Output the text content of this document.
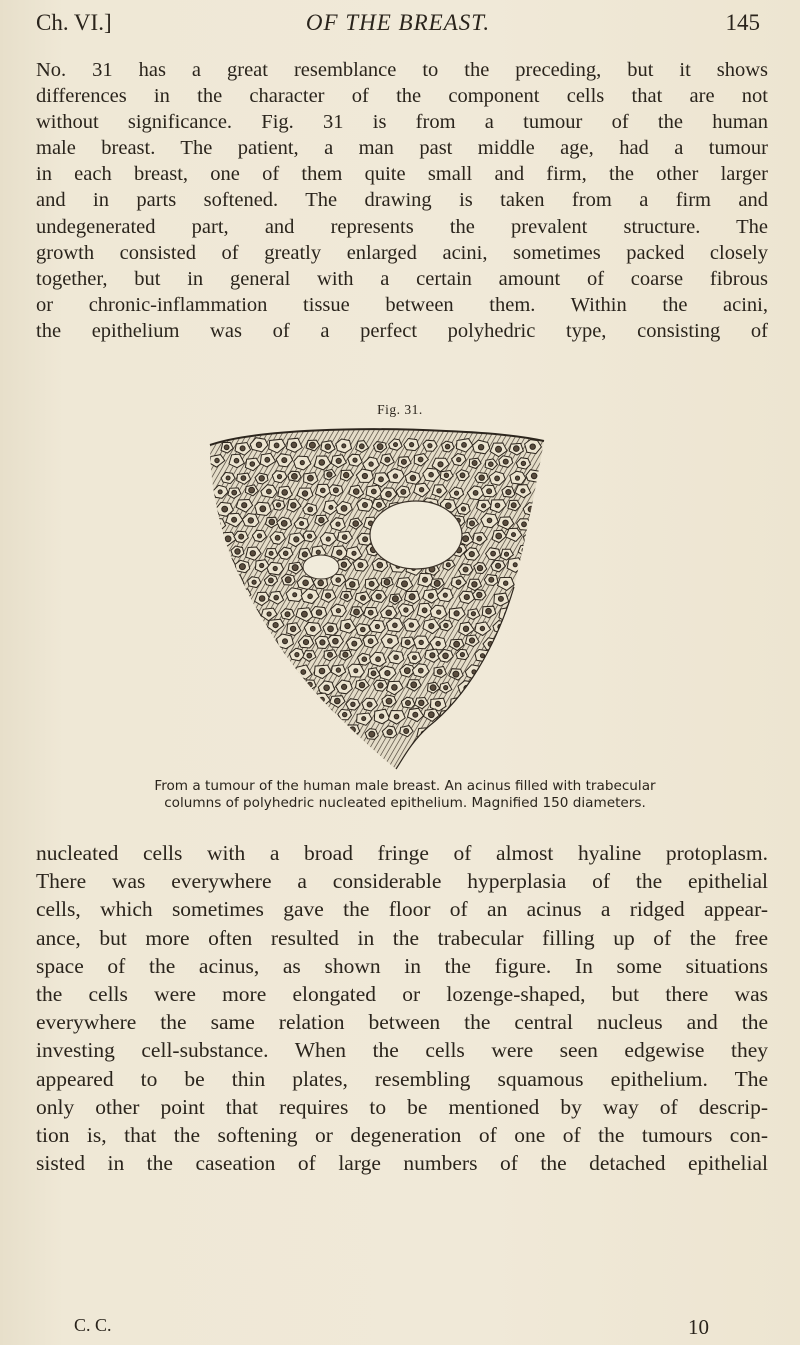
Ch. VI.]	OF THE BREAST.	145

No. 31 has a great resemblance to the preceding, but it shows
differences in the character of the component cells that are not
without significance. Fig. 31 is from a tumour of the human
male breast. The patient, a man past middle age, had a tumour
in each breast, one of them quite small and firm, the other larger
and in parts softened. The drawing is taken from a firm and
undegenerated part, and represents the prevalent structure. The
growth consisted of greatly enlarged acini, sometimes packed closely
together, but in general with a certain amount of coarse fibrous
or chronic-inflammation tissue between them. Within the acini,
the epithelium was of a perfect polyhedric type, consisting of

Fig. 31.
From a tumour of the human male breast. An acinus filled with trabecular
columns of polyhedric nucleated epithelium. Magnified 150 diameters.

nucleated cells with a broad fringe of almost hyaline protoplasm.
There was everywhere a considerable hyperplasia of the epithelial
cells, which sometimes gave the floor of an acinus a ridged appear-
ance, but more often resulted in the trabecular filling up of the free
space of the acinus, as shown in the figure. In some situations
the cells were more elongated or lozenge-shaped, but there was
everywhere the same relation between the central nucleus and the
investing cell-substance. When the cells were seen edgewise they
appeared to be thin plates, resembling squamous epithelium. The
only other point that requires to be mentioned by way of descrip-
tion is, that the softening or degeneration of one of the tumours con-
sisted in the caseation of large numbers of the detached epithelial

C. C.	10
